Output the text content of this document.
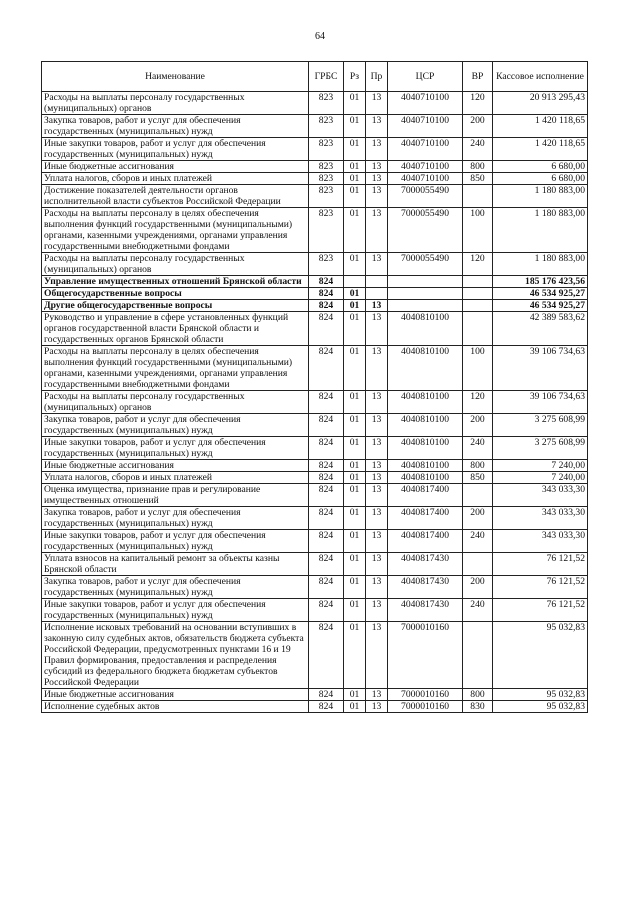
64
Наименование	ГРБС	Рз	Пр	ЦСР	ВР	Кассовое исполнение
Расходы на выплаты персоналу государственных (муниципальных) органов	823	01	13	4040710100	120	20 913 295,43
Закупка товаров, работ и услуг для обеспечения государственных (муниципальных) нужд	823	01	13	4040710100	200	1 420 118,65
Иные закупки товаров, работ и услуг для обеспечения государственных (муниципальных) нужд	823	01	13	4040710100	240	1 420 118,65
Иные бюджетные ассигнования	823	01	13	4040710100	800	6 680,00
Уплата налогов, сборов и иных платежей	823	01	13	4040710100	850	6 680,00
Достижение показателей деятельности органов исполнительной власти субъектов Российской Федерации	823	01	13	7000055490		1 180 883,00
Расходы на выплаты персоналу в целях обеспечения выполнения функций государственными (муниципальными) органами, казенными учреждениями, органами управления государственными внебюджетными фондами	823	01	13	7000055490	100	1 180 883,00
Расходы на выплаты персоналу государственных (муниципальных) органов	823	01	13	7000055490	120	1 180 883,00
Управление имущественных отношений Брянской области	824					185 176 423,56
Общегосударственные вопросы	824	01				46 534 925,27
Другие общегосударственные вопросы	824	01	13			46 534 925,27
Руководство и управление в сфере установленных функций органов государственной власти Брянской области и государственных органов Брянской области	824	01	13	4040810100		42 389 583,62
Расходы на выплаты персоналу в целях обеспечения выполнения функций государственными (муниципальными) органами, казенными учреждениями, органами управления государственными внебюджетными фондами	824	01	13	4040810100	100	39 106 734,63
Расходы на выплаты персоналу государственных (муниципальных) органов	824	01	13	4040810100	120	39 106 734,63
Закупка товаров, работ и услуг для обеспечения государственных (муниципальных) нужд	824	01	13	4040810100	200	3 275 608,99
Иные закупки товаров, работ и услуг для обеспечения государственных (муниципальных) нужд	824	01	13	4040810100	240	3 275 608,99
Иные бюджетные ассигнования	824	01	13	4040810100	800	7 240,00
Уплата налогов, сборов и иных платежей	824	01	13	4040810100	850	7 240,00
Оценка имущества, признание прав и регулирование имущественных отношений	824	01	13	4040817400		343 033,30
Закупка товаров, работ и услуг для обеспечения государственных (муниципальных) нужд	824	01	13	4040817400	200	343 033,30
Иные закупки товаров, работ и услуг для обеспечения государственных (муниципальных) нужд	824	01	13	4040817400	240	343 033,30
Уплата взносов на капитальный ремонт за объекты казны Брянской области	824	01	13	4040817430		76 121,52
Закупка товаров, работ и услуг для обеспечения государственных (муниципальных) нужд	824	01	13	4040817430	200	76 121,52
Иные закупки товаров, работ и услуг для обеспечения государственных (муниципальных) нужд	824	01	13	4040817430	240	76 121,52
Исполнение исковых требований на основании вступивших в законную силу судебных актов, обязательств бюджета субъекта Российской Федерации, предусмотренных пунктами 16 и 19 Правил формирования, предоставления и распределения субсидий из федерального бюджета бюджетам субъектов Российской Федерации	824	01	13	7000010160		95 032,83
Иные бюджетные ассигнования	824	01	13	7000010160	800	95 032,83
Исполнение судебных актов	824	01	13	7000010160	830	95 032,83
